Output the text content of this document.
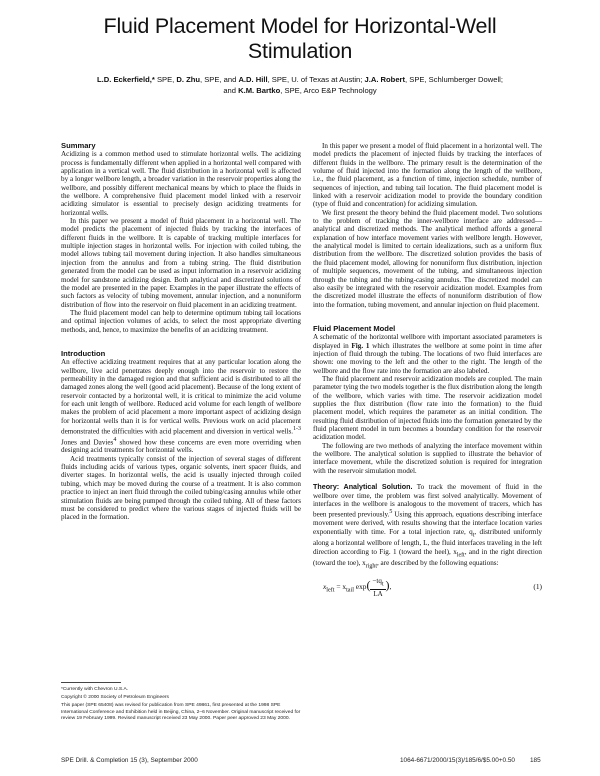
Fluid Placement Model for Horizontal-Well
Stimulation
L.D. Eckerfield,* SPE, D. Zhu, SPE, and A.D. Hill, SPE, U. of Texas at Austin; J.A. Robert, SPE, Schlumberger Dowell;
and K.M. Bartko, SPE, Arco E&P Technology
Summary

Acidizing is a common method used to stimulate horizontal wells. The acidizing process is fundamentally different when applied in a horizontal well compared with application in a vertical well. The fluid distribution in a horizontal well is affected by a longer wellbore length, a broader variation in the reservoir properties along the wellbore, and possibly different mechanical means by which to place the fluids in the wellbore. A comprehensive fluid placement model linked with a reservoir acidizing simulator is essential to precisely design acidizing treatments for horizontal wells.

In this paper we present a model of fluid placement in a horizontal well. The model predicts the placement of injected fluids by tracking the interfaces of different fluids in the wellbore. It is capable of tracking multiple interfaces for multiple injection stages in horizontal wells. For injection with coiled tubing, the model allows tubing tail movement during injection. It also handles simultaneous injection from the annulus and from a tubing string. The fluid distribution generated from the model can be used as input information in a reservoir acidizing model for sandstone acidizing design. Both analytical and discretized solutions of the model are presented in the paper. Examples in the paper illustrate the effects of such factors as velocity of tubing movement, annular injection, and a nonuniform distribution of flow into the reservoir on fluid placement in an acidizing treatment.

The fluid placement model can help to determine optimum tubing tail locations and optimal injection volumes of acids, to select the most appropriate diverting methods, and, hence, to maximize the benefits of an acidizing treatment.

Introduction

An effective acidizing treatment requires that at any particular location along the wellbore, live acid penetrates deeply enough into the reservoir to restore the permeability in the damaged region and that sufficient acid is distributed to all the damaged zones along the well (good acid placement). Because of the long extent of reservoir contacted by a horizontal well, it is critical to minimize the acid volume for each unit length of wellbore. Reduced acid volume for each length of wellbore makes the problem of acid placement a more important aspect of acidizing design for horizontal wells than it is for vertical wells. Previous work on acid placement demonstrated the difficulties with acid placement and diversion in vertical wells.$^{1-3}$ Jones and Davies$^4$ showed how these concerns are even more overriding when designing acid treatments for horizontal wells.

Acid treatments typically consist of the injection of several stages of different fluids including acids of various types, organic solvents, inert spacer fluids, and diverter stages. In horizontal wells, the acid is usually injected through coiled tubing, which may be moved during the course of a treatment. It is also common practice to inject an inert fluid through the coiled tubing/casing annulus while other stimulation fluids are being pumped through the coiled tubing. All of these factors must be considered to predict where the various stages of injected fluids will be placed in the formation.

*Currently with Chevron U.S.A.

Copyright © 2000 Society of Petroleum Engineers

This paper (SPE 65408) was revised for publication from SPE 49861, first presented at the 1998 SPE International Conference and Exhibition held in Beijing, China, 2–6 November. Original manuscript received for review 19 February 1999. Revised manuscript received 23 May 2000. Paper peer approved 23 May 2000.

In this paper we present a model of fluid placement in a horizontal well. The model predicts the placement of injected fluids by tracking the interfaces of different fluids in the wellbore. The primary result is the determination of the volume of fluid injected into the formation along the length of the wellbore, i.e., the fluid placement, as a function of time, injection schedule, number of sequences of injection, and tubing tail location. The fluid placement model is linked with a reservoir acidization model to provide the boundary condition (type of fluid and concentration) for acidizing simulation.

We first present the theory behind the fluid placement model. Two solutions to the problem of tracking the inner-wellbore interface are addressed—analytical and discretized methods. The analytical method affords a general explanation of how interface movement varies with wellbore length. However, the analytical model is limited to certain idealizations, such as a uniform flux distribution from the wellbore. The discretized solution provides the basis of the fluid placement model, allowing for nonuniform flux distribution, injection of multiple sequences, movement of the tubing, and simultaneous injection through the tubing and the tubing-casing annulus. The discretized model can also easily be integrated with the reservoir acidization model. Examples from the discretized model illustrate the effects of nonuniform distribution of flow into the formation, tubing movement, and annular injection on fluid placement.

Fluid Placement Model

A schematic of the horizontal wellbore with important associated parameters is displayed in Fig. 1 which illustrates the wellbore at some point in time after injection of fluid through the tubing. The locations of two fluid interfaces are shown: one moving to the left and the other to the right. The length of the wellbore and the flow rate into the formation are also labeled.

The fluid placement and reservoir acidization models are coupled. The main parameter tying the two models together is the flux distribution along the length of the wellbore, which varies with time. The reservoir acidization model supplies the flux distribution (flow rate into the formation) to the fluid placement model, which requires the parameter as an initial condition. The resulting fluid distribution of injected fluids into the formation generated by the fluid placement model in turn becomes a boundary condition for the reservoir acidization model.

The following are two methods of analyzing the interface movement within the wellbore. The analytical solution is supplied to illustrate the behavior of interface movement, while the discretized solution is required for integration with the reservoir simulation model.

Theory: Analytical Solution. To track the movement of fluid in the wellbore over time, the problem was first solved analytically. Movement of interfaces in the wellbore is analogous to the movement of tracers, which has been presented previously.$^5$ Using this approach, equations describing interface movement were derived, with results showing that the interface location varies exponentially with time. For a total injection rate, $q_t$, distributed uniformly along a horizontal wellbore of length, L, the fluid interfaces traveling in the left direction according to Fig. 1 (toward the heel), $x_{left}$, and in the right direction (toward the toe), $x_{right}$, are described by the following equations:

$x_{left} = x_{tail}$ $\exp( \frac{-tq_t}{LA}$ ),	(1)
SPE Drill. & Completion 15 (3), September 2000	1064-6671/2000/15(3)/185/6/$5.00+0.50 185
